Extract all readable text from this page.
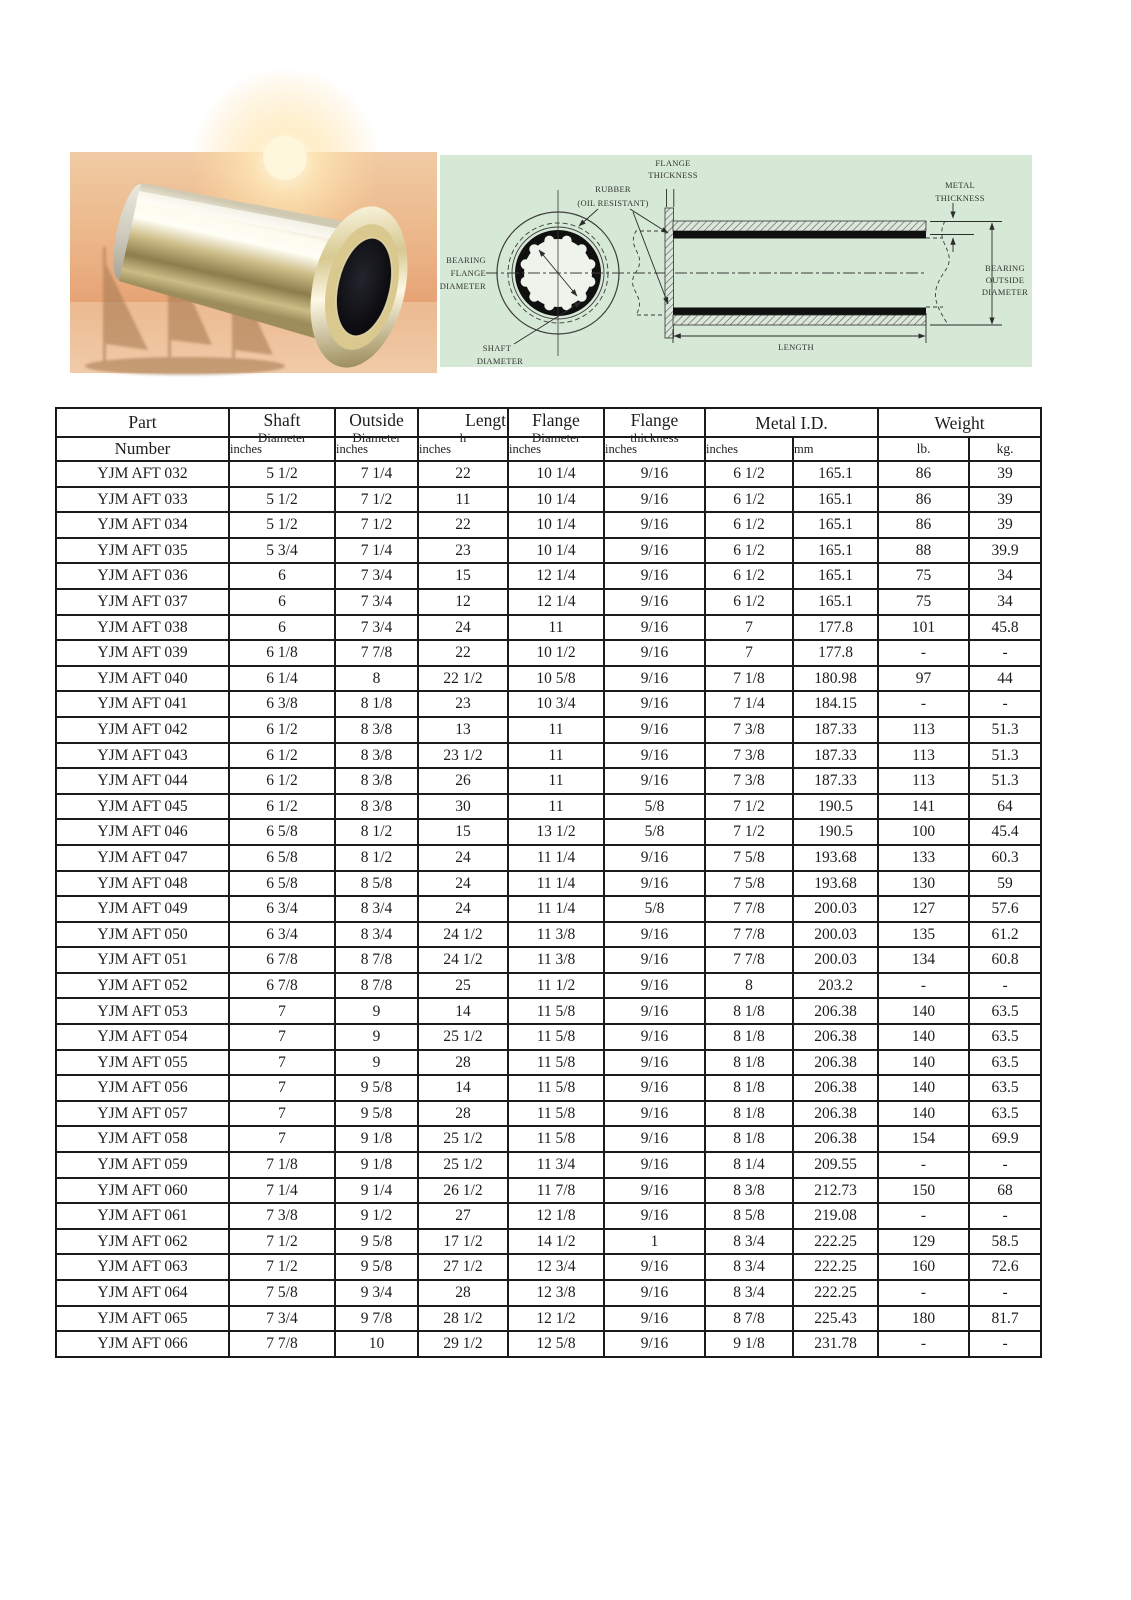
FLANGE
THICKNESS
RUBBER
(OIL RESISTANT)
METAL
THICKNESS
BEARING
FLANGE
DIAMETER
SHAFT
DIAMETER
BEARING
OUTSIDE
DIAMETER
LENGTH
Part	Shaft	Outside	Lengt	Flange	Flange	Metal I.D.	Weight

Number	inches	inches	inches	inches	inches	inches	mm	lb.	kg.
YJM AFT 032	5 1/2	7 1/4	22	10 1/4	9/16	6 1/2	165.1	86	39
YJM AFT 033	5 1/2	7 1/2	11	10 1/4	9/16	6 1/2	165.1	86	39
YJM AFT 034	5 1/2	7 1/2	22	10 1/4	9/16	6 1/2	165.1	86	39
YJM AFT 035	5 3/4	7 1/4	23	10 1/4	9/16	6 1/2	165.1	88	39.9
YJM AFT 036	6	7 3/4	15	12 1/4	9/16	6 1/2	165.1	75	34
YJM AFT 037	6	7 3/4	12	12 1/4	9/16	6 1/2	165.1	75	34
YJM AFT 038	6	7 3/4	24	11	9/16	7	177.8	101	45.8
YJM AFT 039	6 1/8	7 7/8	22	10 1/2	9/16	7	177.8	-	-
YJM AFT 040	6 1/4	8	22 1/2	10 5/8	9/16	7 1/8	180.98	97	44
YJM AFT 041	6 3/8	8 1/8	23	10 3/4	9/16	7 1/4	184.15	-	-
YJM AFT 042	6 1/2	8 3/8	13	11	9/16	7 3/8	187.33	113	51.3
YJM AFT 043	6 1/2	8 3/8	23 1/2	11	9/16	7 3/8	187.33	113	51.3
YJM AFT 044	6 1/2	8 3/8	26	11	9/16	7 3/8	187.33	113	51.3
YJM AFT 045	6 1/2	8 3/8	30	11	5/8	7 1/2	190.5	141	64
YJM AFT 046	6 5/8	8 1/2	15	13 1/2	5/8	7 1/2	190.5	100	45.4
YJM AFT 047	6 5/8	8 1/2	24	11 1/4	9/16	7 5/8	193.68	133	60.3
YJM AFT 048	6 5/8	8 5/8	24	11 1/4	9/16	7 5/8	193.68	130	59
YJM AFT 049	6 3/4	8 3/4	24	11 1/4	5/8	7 7/8	200.03	127	57.6
YJM AFT 050	6 3/4	8 3/4	24 1/2	11 3/8	9/16	7 7/8	200.03	135	61.2
YJM AFT 051	6 7/8	8 7/8	24 1/2	11 3/8	9/16	7 7/8	200.03	134	60.8
YJM AFT 052	6 7/8	8 7/8	25	11 1/2	9/16	8	203.2	-	-
YJM AFT 053	7	9	14	11 5/8	9/16	8 1/8	206.38	140	63.5
YJM AFT 054	7	9	25 1/2	11 5/8	9/16	8 1/8	206.38	140	63.5
YJM AFT 055	7	9	28	11 5/8	9/16	8 1/8	206.38	140	63.5
YJM AFT 056	7	9 5/8	14	11 5/8	9/16	8 1/8	206.38	140	63.5
YJM AFT 057	7	9 5/8	28	11 5/8	9/16	8 1/8	206.38	140	63.5
YJM AFT 058	7	9 1/8	25 1/2	11 5/8	9/16	8 1/8	206.38	154	69.9
YJM AFT 059	7 1/8	9 1/8	25 1/2	11 3/4	9/16	8 1/4	209.55	-	-
YJM AFT 060	7 1/4	9 1/4	26 1/2	11 7/8	9/16	8 3/8	212.73	150	68
YJM AFT 061	7 3/8	9 1/2	27	12 1/8	9/16	8 5/8	219.08	-	-
YJM AFT 062	7 1/2	9 5/8	17 1/2	14 1/2	1	8 3/4	222.25	129	58.5
YJM AFT 063	7 1/2	9 5/8	27 1/2	12 3/4	9/16	8 3/4	222.25	160	72.6
YJM AFT 064	7 5/8	9 3/4	28	12 3/8	9/16	8 3/4	222.25	-	-
YJM AFT 065	7 3/4	9 7/8	28 1/2	12 1/2	9/16	8 7/8	225.43	180	81.7
YJM AFT 066	7 7/8	10	29 1/2	12 5/8	9/16	9 1/8	231.78	-	-
